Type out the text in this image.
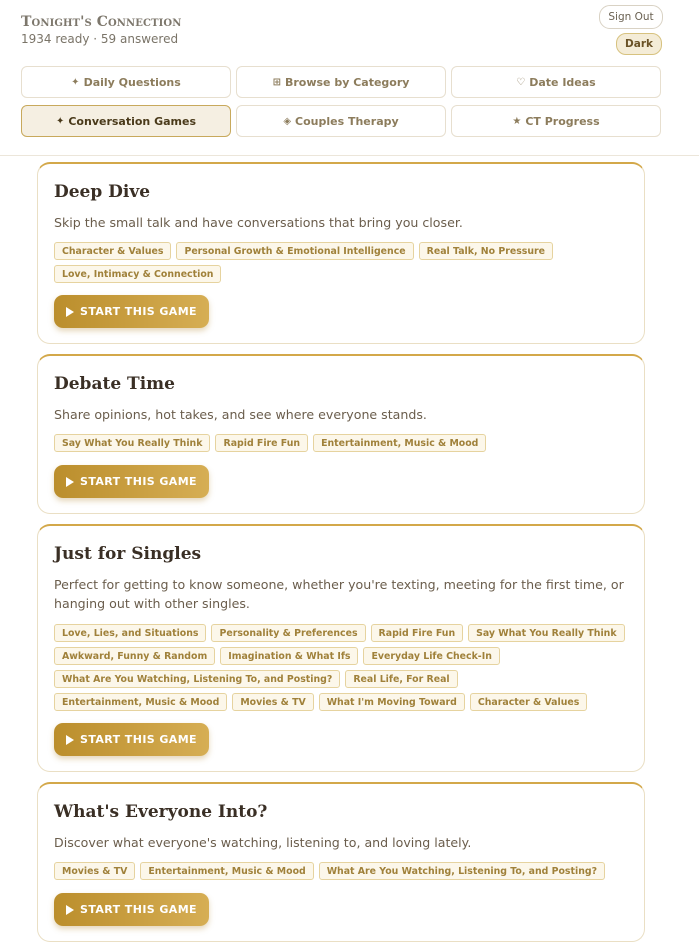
Tonight's Connection
1934 ready · 59 answered
Sign Out
Dark
✦ Daily Questions	⊞ Browse by Category	♡ Date Ideas
✦ Conversation Games	◈ Couples Therapy	★ CT Progress
Deep Dive
Skip the small talk and have conversations that bring you closer.
Character & Values	Personal Growth & Emotional Intelligence	Real Talk, No Pressure
Love, Intimacy & Connection
START THIS GAME
Debate Time
Share opinions, hot takes, and see where everyone stands.
Say What You Really Think	Rapid Fire Fun	Entertainment, Music & Mood
START THIS GAME
Just for Singles
Perfect for getting to know someone, whether you're texting, meeting for the first time, or hanging out with other singles.
Love, Lies, and Situations	Personality & Preferences	Rapid Fire Fun	Say What You Really Think
Awkward, Funny & Random	Imagination & What Ifs	Everyday Life Check-In
What Are You Watching, Listening To, and Posting?	Real Life, For Real
Entertainment, Music & Mood	Movies & TV	What I'm Moving Toward	Character & Values
START THIS GAME
What's Everyone Into?
Discover what everyone's watching, listening to, and loving lately.
Movies & TV	Entertainment, Music & Mood	What Are You Watching, Listening To, and Posting?
START THIS GAME
